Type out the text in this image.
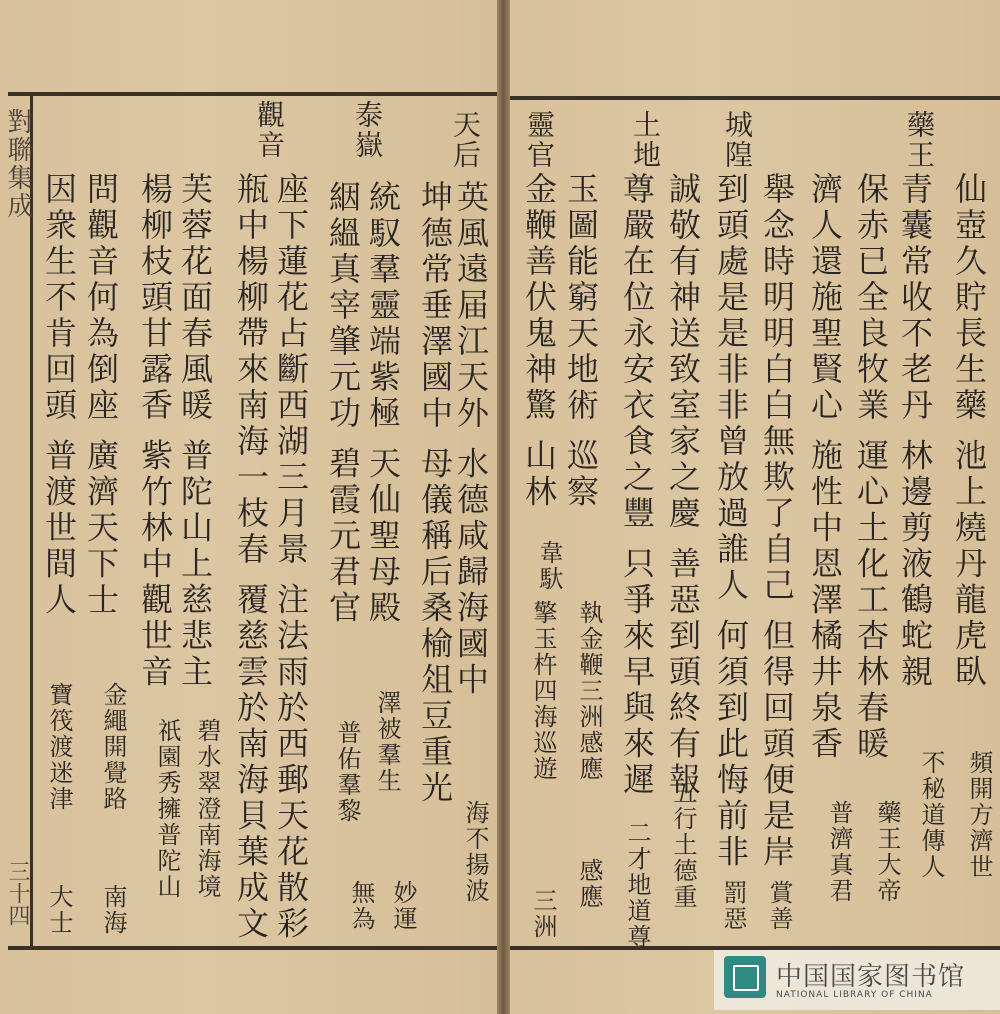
對聯集成
三十四
天后
泰嶽
觀音
英風遠届江天外 水德咸歸海國中
坤德常垂澤國中 母儀稱后桑榆俎豆重光
統馭羣靈端紫極 天仙聖母殿
絪縕真宰肇元功 碧霞元君官
座下蓮花占斷西湖三月景 注法雨於西郵天花散彩
瓶中楊柳帶來南海一枝春 覆慈雲於南海貝葉成文
芙蓉花面春風暖 普陀山上慈悲主
楊柳枝頭甘露香 紫竹林中觀世音
問觀音何為倒座 廣濟天下士
因衆生不肯回頭 普渡世間人
海不揚波
澤被羣生
普佑羣黎
無為 妙運
碧水翠澄南海境
祇園秀擁普陀山
金繩開覺路
寶筏渡迷津
南海
大士
藥王
城隍
土地
靈官
仙壺久貯長生藥 池上燒丹龍虎臥
青囊常收不老丹 林邊剪液鶴蛇親
保赤已全良牧業 運心土化工杏林春暖
濟人還施聖賢心 施性中恩澤橘井泉香
舉念時明明白白無欺了自己 但得回頭便是岸
到頭處是是非非曾放過誰人 何須到此悔前非
誠敬有神送致室家之慶 善惡到頭終有報
尊嚴在位永安衣食之豐 只爭來早與來遲
玉圖能窮天地術 巡察
金鞭善伏鬼神驚 山林
頻開方濟世
不秘道傳人
藥王大帝
普濟真君
賞善
罰惡
五行土德重
二才地道尊
執金鞭三洲感應
擎玉杵四海巡遊
感應
三洲
韋馱
中国国家图书馆
NATIONAL LIBRARY OF CHINA
